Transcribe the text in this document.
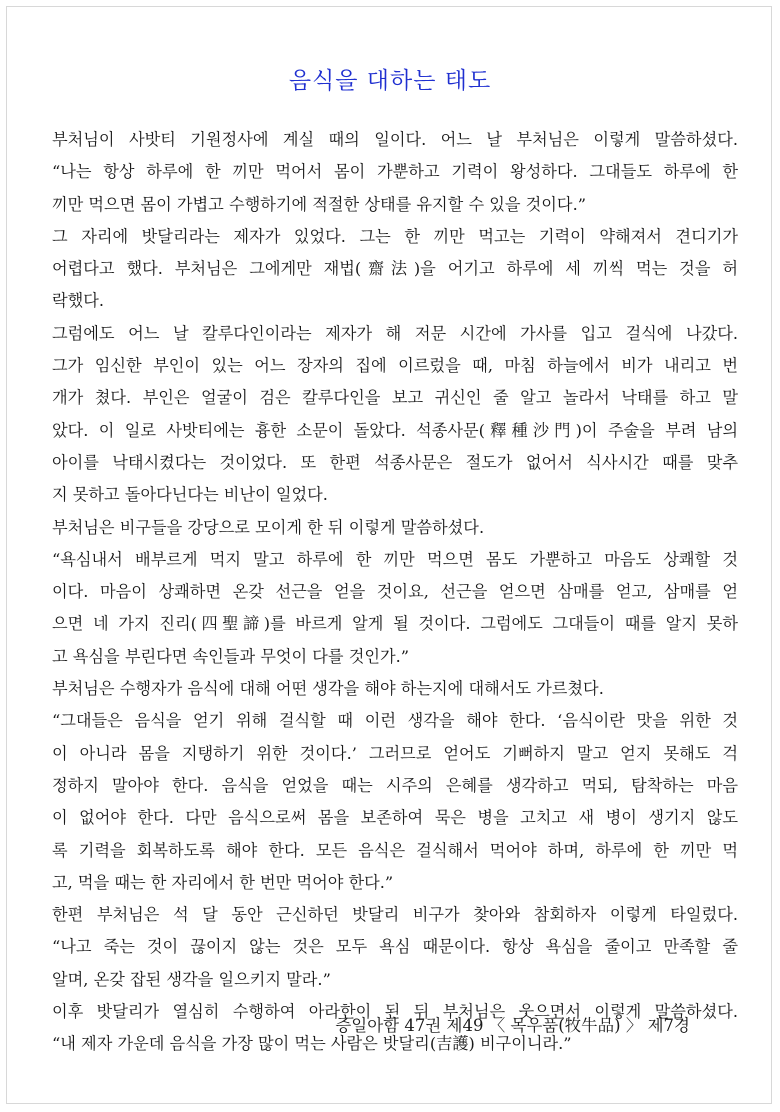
음식을 대하는 태도
부처님이 사밧티 기원정사에 계실 때의 일이다. 어느 날 부처님은 이렇게 말씀하셨다.
“나는 항상 하루에 한 끼만 먹어서 몸이 가뿐하고 기력이 왕성하다. 그대들도 하루에 한
끼만 먹으면 몸이 가볍고 수행하기에 적절한 상태를 유지할 수 있을 것이다.”
그 자리에 밧달리라는 제자가 있었다. 그는 한 끼만 먹고는 기력이 약해져서 견디기가
어렵다고 했다. 부처님은 그에게만 재법(齋法)을 어기고 하루에 세 끼씩 먹는 것을 허
락했다.
그럼에도 어느 날 칼루다인이라는 제자가 해 저문 시간에 가사를 입고 걸식에 나갔다.
그가 임신한 부인이 있는 어느 장자의 집에 이르렀을 때, 마침 하늘에서 비가 내리고 번
개가 쳤다. 부인은 얼굴이 검은 칼루다인을 보고 귀신인 줄 알고 놀라서 낙태를 하고 말
았다. 이 일로 사밧티에는 흉한 소문이 돌았다. 석종사문(釋種沙門)이 주술을 부려 남의
아이를 낙태시켰다는 것이었다. 또 한편 석종사문은 절도가 없어서 식사시간 때를 맞추
지 못하고 돌아다닌다는 비난이 일었다.
부처님은 비구들을 강당으로 모이게 한 뒤 이렇게 말씀하셨다.
“욕심내서 배부르게 먹지 말고 하루에 한 끼만 먹으면 몸도 가뿐하고 마음도 상쾌할 것
이다. 마음이 상쾌하면 온갖 선근을 얻을 것이요, 선근을 얻으면 삼매를 얻고, 삼매를 얻
으면 네 가지 진리(四聖諦)를 바르게 알게 될 것이다. 그럼에도 그대들이 때를 알지 못하
고 욕심을 부린다면 속인들과 무엇이 다를 것인가.”
부처님은 수행자가 음식에 대해 어떤 생각을 해야 하는지에 대해서도 가르쳤다.
“그대들은 음식을 얻기 위해 걸식할 때 이런 생각을 해야 한다. ‘음식이란 맛을 위한 것
이 아니라 몸을 지탱하기 위한 것이다.’ 그러므로 얻어도 기뻐하지 말고 얻지 못해도 걱
정하지 말아야 한다. 음식을 얻었을 때는 시주의 은혜를 생각하고 먹되, 탐착하는 마음
이 없어야 한다. 다만 음식으로써 몸을 보존하여 묵은 병을 고치고 새 병이 생기지 않도
록 기력을 회복하도록 해야 한다. 모든 음식은 걸식해서 먹어야 하며, 하루에 한 끼만 먹
고, 먹을 때는 한 자리에서 한 번만 먹어야 한다.”
한편 부처님은 석 달 동안 근신하던 밧달리 비구가 찾아와 참회하자 이렇게 타일렀다.
“나고 죽는 것이 끊이지 않는 것은 모두 욕심 때문이다. 항상 욕심을 줄이고 만족할 줄
알며, 온갖 잡된 생각을 일으키지 말라.”
이후 밧달리가 열심히 수행하여 아라한이 된 뒤 부처님은 웃으면서 이렇게 말씀하셨다.
“내 제자 가운데 음식을 가장 많이 먹는 사람은 밧달리(吉護) 비구이니라.”
증일아함 47권 제49 〈 목우품(牧牛品) 〉 제7경
